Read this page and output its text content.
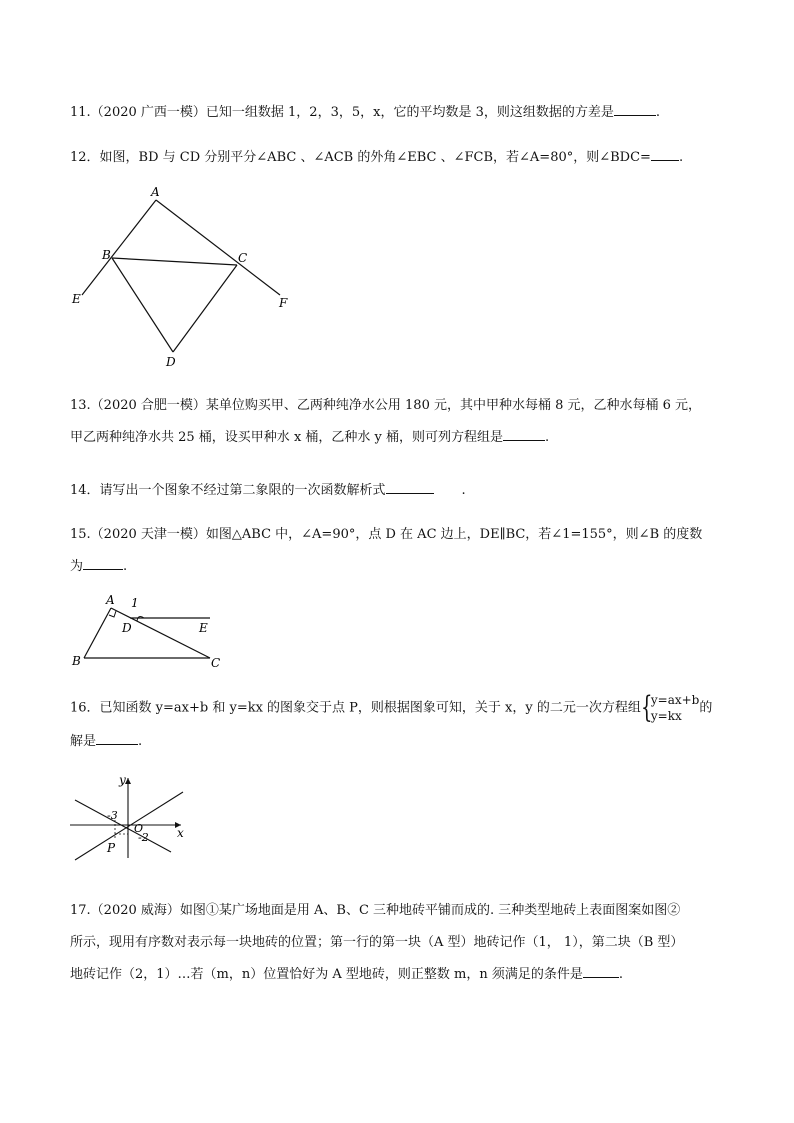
11.（2020 广西一模）已知一组数据 1，2，3，5，x，它的平均数是 3，则这组数据的方差是	.
12．如图，BD 与 CD 分别平分∠ABC 、∠ACB 的外角∠EBC 、∠FCB，若∠A=80°，则∠BDC= .
A
B	C
D
E	F
13.（2020 合肥一模）某单位购买甲、乙两种纯净水公用 180 元，其中甲种水每桶 8 元，乙种水每桶 6 元，
甲乙两种纯净水共 25 桶，设买甲种水 x 桶，乙种水 y 桶，则可列方程组是	.
14．请写出一个图象不经过第二象限的一次函数解析式	.
15.（2020 天津一模）如图△ABC 中，∠A=90°，点 D 在 AC 边上，DE∥BC，若∠1=155°，则∠B 的度数
为	.
A 1
D	E
B	C
16．已知函数 y=ax+b 和 y=kx 的图象交于点 P，则根据图象可知，关于 x，y 的二元一次方程组 {
y=ax+b
y=kx
的
解是	.
y
x
O
P
-3
-2
17.（2020 威海）如图①某广场地面是用 A、B、C 三种地砖平铺而成的. 三种类型地砖上表面图案如图②
所示，现用有序数对表示每一块地砖的位置；第一行的第一块（A 型）地砖记作（1， 1），第二块（B 型）
地砖记作（2，1）…若（m，n）位置恰好为 A 型地砖，则正整数 m，n 须满足的条件是	.
